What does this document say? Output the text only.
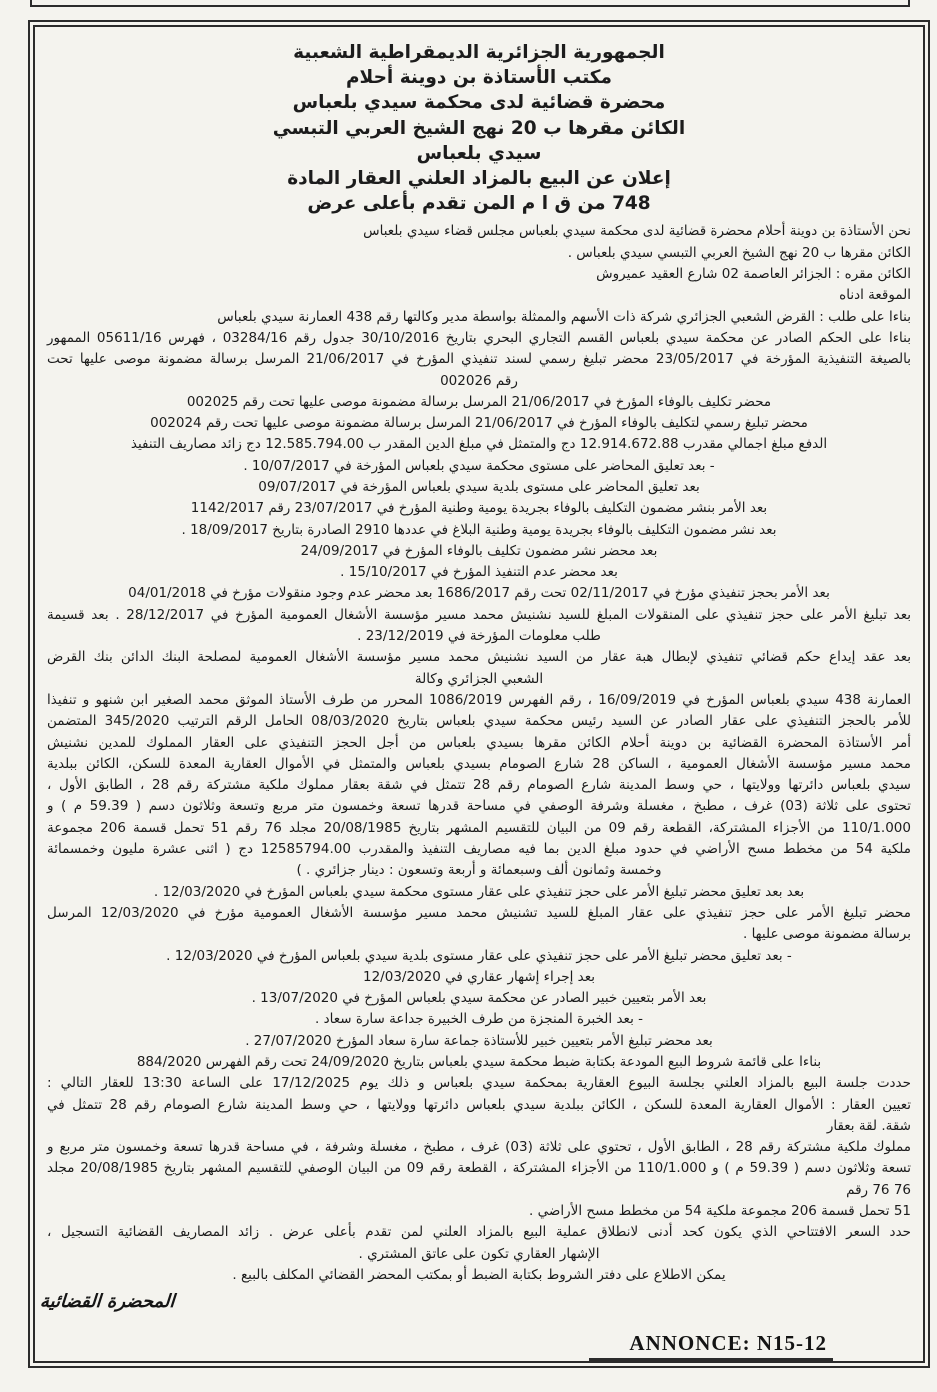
الجمهورية الجزائرية الديمقراطية الشعبية
مكتب الأستاذة بن دوينة أحلام
محضرة قضائية لدى محكمة سيدي بلعباس
الكائن مقرها ب 20 نهج الشيخ العربي التبسي
سيدي بلعباس
إعلان عن البيع بالمزاد العلني العقار المادة
748 من ق ا م المن تقدم بأعلى عرض
نحن الأستاذة بن دوينة أحلام محضرة قضائية لدى محكمة سيدي بلعباس مجلس قضاء سيدي بلعباس
الكائن مقرها ب 20 نهج الشيخ العربي التبسي سيدي بلعباس .
الكائن مقره : الجزائر العاصمة 02 شارع العقيد عميروش
الموقعة ادناه
بناءا على طلب : القرض الشعبي الجزائري شركة ذات الأسهم والممثلة بواسطة مدير وكالتها رقم 438 العمارنة سيدي بلعباس
بناءا على الحكم الصادر عن محكمة سيدي بلعباس القسم التجاري البحري بتاريخ 30/10/2016 جدول رقم 03284/16 ، فهرس 05611/16 الممهور
بالصيغة التنفيذية المؤرخة في 23/05/2017 محضر تبليغ رسمي لسند تنفيذي المؤرخ في 21/06/2017 المرسل برسالة مضمونة موصى عليها تحت
رقم 002026
محضر تكليف بالوفاء المؤرخ في 21/06/2017 المرسل برسالة مضمونة موصى عليها تحت رقم 002025
محضر تبليغ رسمي لتكليف بالوفاء المؤرخ في 21/06/2017 المرسل برسالة مضمونة موصى عليها تحت رقم 002024
الدفع مبلغ اجمالي مقدرب 12.914.672.88 دج والمتمثل في مبلغ الدين المقدر ب 12.585.794.00 دج زائد مصاريف التنفيذ
- بعد تعليق المحاضر على مستوى محكمة سيدي بلعباس المؤرخة في 10/07/2017 .
بعد تعليق المحاضر على مستوى بلدية سيدي بلعباس المؤرخة في 09/07/2017
بعد الأمر بنشر مضمون التكليف بالوفاء بجريدة يومية وطنية المؤرخ في 23/07/2017 رقم 1142/2017
بعد نشر مضمون التكليف بالوفاء بجريدة يومية وطنية البلاغ في عددها 2910 الصادرة بتاريخ 18/09/2017 .
بعد محضر نشر مضمون تكليف بالوفاء المؤرخ في 24/09/2017
بعد محضر عدم التنفيذ المؤرخ في 15/10/2017 .
بعد الأمر بحجز تنفيذي مؤرخ في 02/11/2017 تحت رقم 1686/2017 بعد محضر عدم وجود منقولات مؤرخ في 04/01/2018
بعد تبليغ الأمر على حجز تنفيذي على المنقولات المبلغ للسيد نشنيش محمد مسير مؤسسة الأشغال العمومية المؤرخ في 28/12/2017 . بعد قسيمة
طلب معلومات المؤرخة في 23/12/2019 .
بعد عقد إيداع حكم قضائي تنفيذي لإبطال هبة عقار من السيد نشنيش محمد مسير مؤسسة الأشغال العمومية لمصلحة البنك الدائن بنك القرض
الشعبي الجزائري وكالة
العمارنة 438 سيدي بلعباس المؤرخ في 16/09/2019 ، رقم الفهرس 1086/2019 المحرر من طرف الأستاذ الموثق محمد الصغير ابن شنهو و تنفيذا
للأمر بالحجز التنفيذي على عقار الصادر عن السيد رئيس محكمة سيدي بلعباس بتاريخ 08/03/2020 الحامل الرقم الترتيب 345/2020 المتضمن
أمر الأستاذة المحضرة القضائية بن دوينة أحلام الكائن مقرها بسيدي بلعباس من أجل الحجز التنفيذي على العقار المملوك للمدين نشنيش
محمد مسير مؤسسة الأشغال العمومية ، الساكن 28 شارع الصومام بسيدي بلعباس والمتمثل في الأموال العقارية المعدة للسكن، الكائن ببلدية
سيدي بلعباس دائرتها وولايتها ، حي وسط المدينة شارع الصومام رقم 28 تتمثل في شقة بعقار مملوك ملكية مشتركة رقم 28 ، الطابق الأول ،
تحتوى على ثلاثة (03) غرف ، مطبخ ، مغسلة وشرفة الوصفي في مساحة قدرها تسعة وخمسون متر مربع وتسعة وثلاثون دسم ( 59.39 م ) و
110/1.000 من الأجزاء المشتركة، القطعة رقم 09 من البيان للتقسيم المشهر بتاريخ 20/08/1985 مجلد 76 رقم 51 تحمل قسمة 206 مجموعة
ملكية 54 من مخطط مسح الأراضي في حدود مبلغ الدين بما فيه مصاريف التنفيذ والمقدرب 12585794.00 دج ( اثنى عشرة مليون وخمسمائة
وخمسة وثمانون ألف وسبعمائة و أربعة وتسعون : دينار جزائري . )
بعد بعد تعليق محضر تبليغ الأمر على حجز تنفيذي على عقار مستوى محكمة سيدي بلعباس المؤرخ في 12/03/2020 .
محضر تبليغ الأمر على حجز تنفيذي على عقار المبلغ للسيد تشنيش محمد مسير مؤسسة الأشغال العمومية مؤرخ في 12/03/2020 المرسل
برسالة مضمونة موصى عليها .
- بعد تعليق محضر تبليغ الأمر على حجز تنفيذي على عقار مستوى بلدية سيدي بلعباس المؤرخ في 12/03/2020 .
بعد إجراء إشهار عقاري في 12/03/2020
بعد الأمر بتعيين خبير الصادر عن محكمة سيدي بلعباس المؤرخ في 13/07/2020 .
- بعد الخبرة المنجزة من طرف الخبيرة جداعة سارة سعاد .
بعد محضر تبليغ الأمر بتعيين خبير للأستاذة جماعة سارة سعاد المؤرخ 27/07/2020 .
بناءا على قائمة شروط البيع المودعة بكتابة ضبط محكمة سيدي بلعباس بتاريخ 24/09/2020 تحت رقم الفهرس 884/2020
حددت جلسة البيع بالمزاد العلني بجلسة البيوع العقارية بمحكمة سيدي بلعباس و ذلك يوم 17/12/2025 على الساعة 13:30 للعقار التالي :
تعيين العقار : الأموال العقارية المعدة للسكن ، الكائن ببلدية سيدي بلعباس دائرتها وولايتها ، حي وسط المدينة شارع الصومام رقم 28 تتمثل في
شقة. لقة بعقار
مملوك ملكية مشتركة رقم 28 ، الطابق الأول ، تحتوي على ثلاثة (03) غرف ، مطبخ ، مغسلة وشرفة ، في مساحة قدرها تسعة وخمسون متر مربع و
تسعة وثلاثون دسم ( 59.39 م ) و 110/1.000 من الأجزاء المشتركة ، القطعة رقم 09 من البيان الوصفي للتقسيم المشهر بتاريخ 20/08/1985 مجلد
76 76 رقم
51 تحمل قسمة 206 مجموعة ملكية 54 من مخطط مسح الأراضي .
حدد السعر الافتتاحي الذي يكون كحد أدنى لانطلاق عملية البيع بالمزاد العلني لمن تقدم بأعلى عرض . زائد المصاريف القضائية التسجيل ،
الإشهار العقاري تكون على عاتق المشتري .
يمكن الاطلاع على دفتر الشروط بكتابة الضبط أو بمكتب المحضر القضائي المكلف بالبيع .
المحضرة القضائية
ANNONCE: N15-12
